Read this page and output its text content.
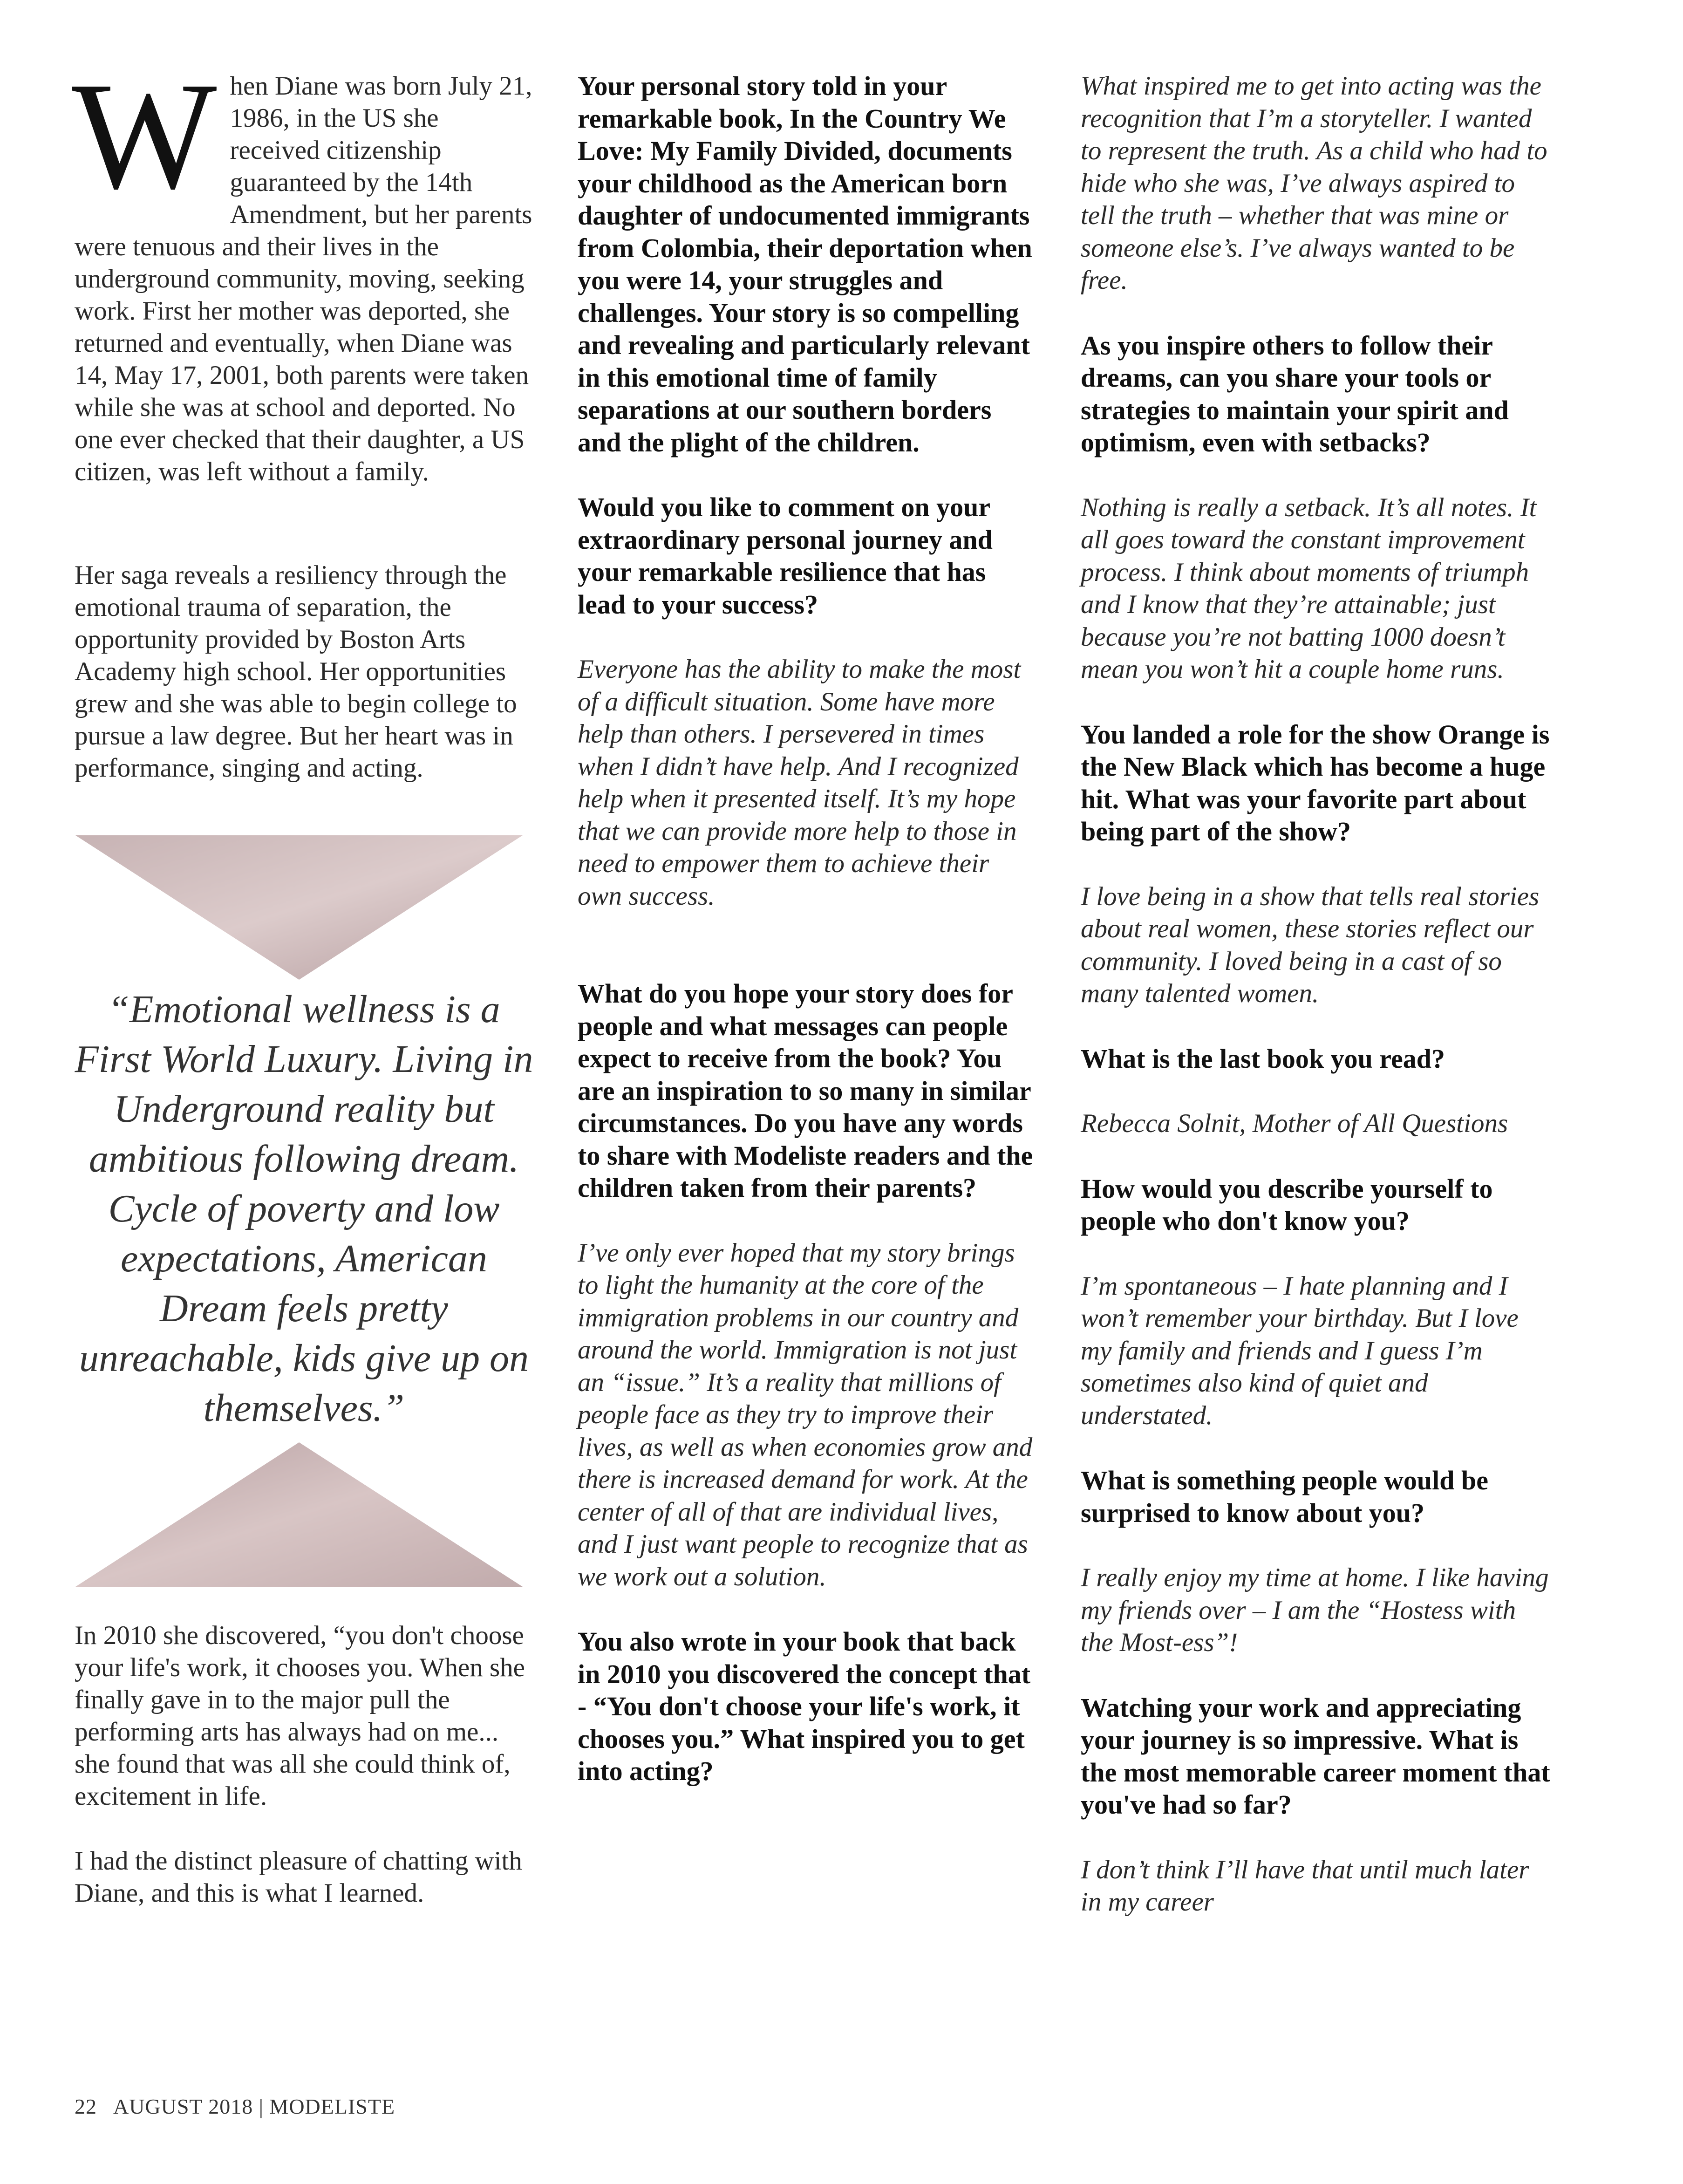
When Diane was born July 21, 1986, in the US she received citizenship guaranteed by the 14th Amendment, but her parents were tenuous and their lives in the underground community, moving, seeking work. First her mother was deported, she returned and eventually, when Diane was 14, May 17, 2001, both parents were taken while she was at school and deported. No one ever checked that their daughter, a US citizen, was left without a family.

Her saga reveals a resiliency through the emotional trauma of separation, the opportunity provided by Boston Arts Academy high school. Her opportunities grew and she was able to begin college to pursue a law degree. But her heart was in performance, singing and acting.

“Emotional wellness is a First World Luxury. Living in Underground reality but ambitious following dream. Cycle of poverty and low expectations, American Dream feels pretty unreachable, kids give up on themselves.”

In 2010 she discovered, “you don't choose your life's work, it chooses you. When she finally gave in to the major pull the performing arts has always had on me... she found that was all she could think of, excitement in life.

I had the distinct pleasure of chatting with Diane, and this is what I learned.

Your personal story told in your remarkable book, In the Country We Love: My Family Divided, documents your childhood as the American born daughter of undocumented immigrants from Colombia, their deportation when you were 14, your struggles and challenges. Your story is so compelling and revealing and particularly relevant in this emotional time of family separations at our southern borders and the plight of the children.

Would you like to comment on your extraordinary personal journey and your remarkable resilience that has lead to your success?

Everyone has the ability to make the most of a difficult situation. Some have more help than others. I persevered in times when I didn’t have help. And I recognized help when it presented itself. It’s my hope that we can provide more help to those in need to empower them to achieve their own success.

What do you hope your story does for people and what messages can people expect to receive from the book? You are an inspiration to so many in similar circumstances. Do you have any words to share with Modeliste readers and the children taken from their parents?

I’ve only ever hoped that my story brings to light the humanity at the core of the immigration problems in our country and around the world. Immigration is not just an “issue.” It’s a reality that millions of people face as they try to improve their lives, as well as when economies grow and there is increased demand for work. At the center of all of that are individual lives, and I just want people to recognize that as we work out a solution.

You also wrote in your book that back in 2010 you discovered the concept that - “You don't choose your life's work, it chooses you.” What inspired you to get into acting?

What inspired me to get into acting was the recognition that I’m a storyteller. I wanted to represent the truth. As a child who had to hide who she was, I’ve always aspired to tell the truth – whether that was mine or someone else’s. I’ve always wanted to be free.

As you inspire others to follow their dreams, can you share your tools or strategies to maintain your spirit and optimism, even with setbacks?

Nothing is really a setback. It’s all notes. It all goes toward the constant improvement process. I think about moments of triumph and I know that they’re attainable; just because you’re not batting 1000 doesn’t mean you won’t hit a couple home runs.

You landed a role for the show Orange is the New Black which has become a huge hit. What was your favorite part about being part of the show?

I love being in a show that tells real stories about real women, these stories reflect our community. I loved being in a cast of so many talented women.

What is the last book you read?

Rebecca Solnit, Mother of All Questions

How would you describe yourself to people who don't know you?

I’m spontaneous – I hate planning and I won’t remember your birthday. But I love my family and friends and I guess I’m sometimes also kind of quiet and understated.

What is something people would be surprised to know about you?

I really enjoy my time at home. I like having my friends over – I am the “Hostess with the Most-ess”!

Watching your work and appreciating your journey is so impressive. What is the most memorable career moment that you've had so far?

I don’t think I’ll have that until much later in my career

22 AUGUST 2018 | MODELISTE
